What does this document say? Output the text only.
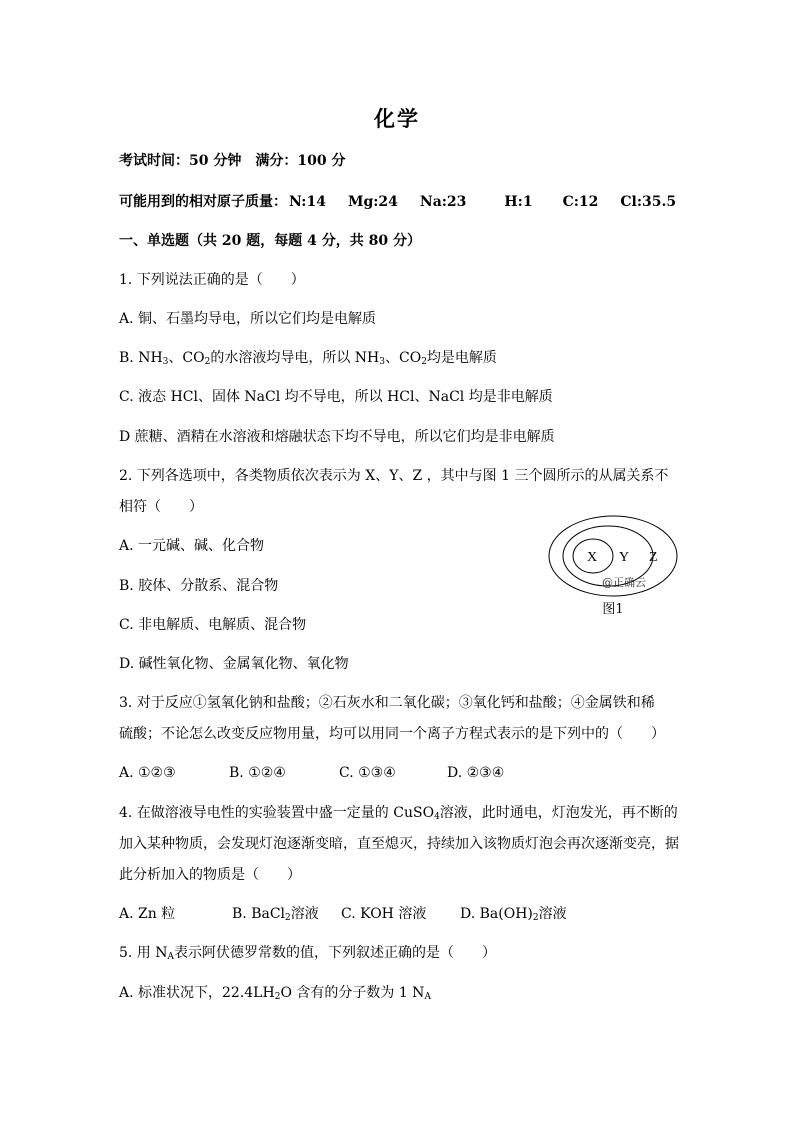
化学
考试时间：50 分钟　满分：100 分
可能用到的相对原子质量： N:14 Mg:24 Na:23	H:1 C:12 Cl:35.5
一、单选题（共 20 题，每题 4 分，共 80 分）
1. 下列说法正确的是（　　）
A. 铜、石墨均导电，所以它们均是电解质
B. $NH_3$、$CO_2$的水溶液均导电，所以 $NH_3$、$CO_2$均是电解质
C. 液态 HCl、固体 NaCl 均不导电，所以 HCl、NaCl 均是非电解质
D 蔗糖、酒精在水溶液和熔融状态下均不导电，所以它们均是非电解质
2. 下列各选项中，各类物质依次表示为 X、Y、Z ，其中与图 1 三个圆所示的从属关系不
相符（　　）
A. 一元碱、碱、化合物
B. 胶体、分散系、混合物
C. 非电解质、电解质、混合物
D. 碱性氧化物、金属氧化物、氧化物
X Y Z
@正确云
图1
3. 对于反应①氢氧化钠和盐酸；②石灰水和二氧化碳；③氧化钙和盐酸；④金属铁和稀
硫酸；不论怎么改变反应物用量，均可以用同一个离子方程式表示的是下列中的（　　）
A. ①②③	B. ①②④	C. ①③④	D. ②③④
4. 在做溶液导电性的实验装置中盛一定量的 CuSO$_4$溶液，此时通电，灯泡发光，再不断的
加入某种物质，会发现灯泡逐渐变暗，直至熄灭，持续加入该物质灯泡会再次逐渐变亮，据
此分析加入的物质是（　　）
A. Zn 粒	B. BaCl$_2$溶液 C. KOH 溶液 D. $Ba(OH)_2$溶液
5. 用 $N_A$表示阿伏德罗常数的值，下列叙述正确的是（　　）
A. 标准状况下，$22.4LH_2O$ 含有的分子数为 1 $N_A$
